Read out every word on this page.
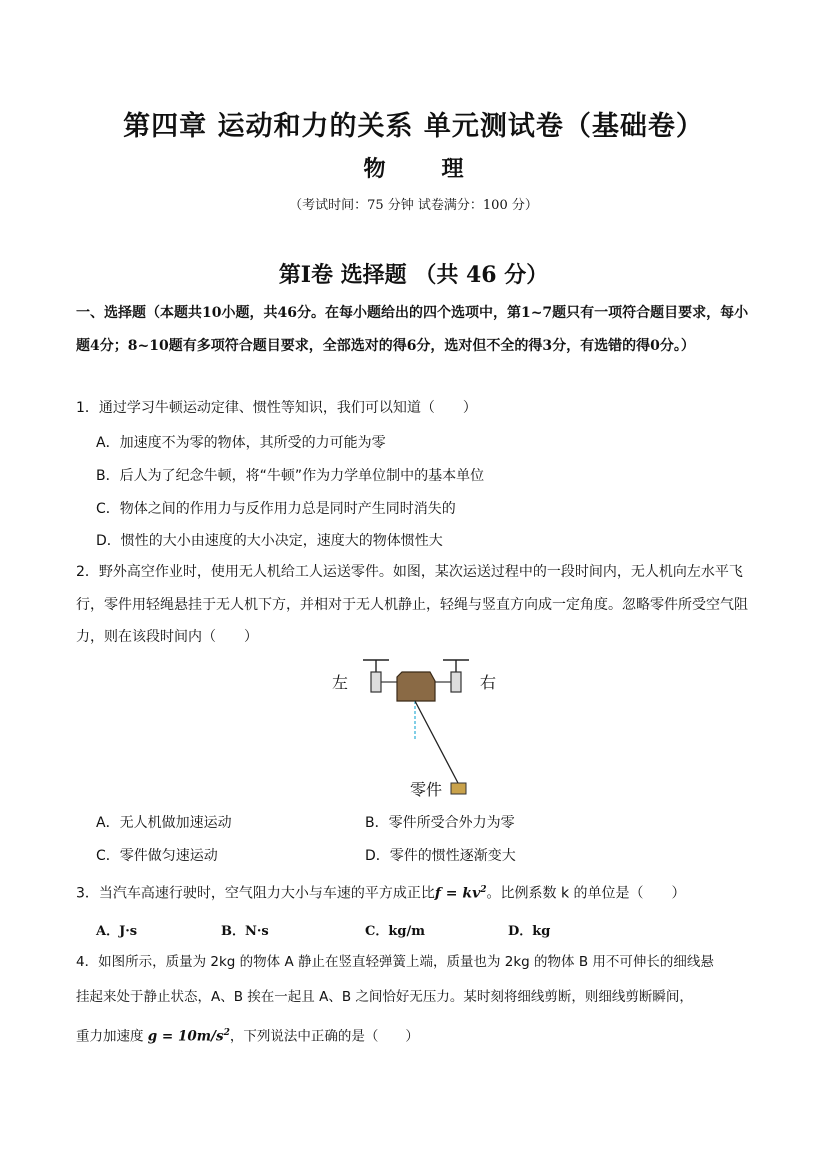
第四章 运动和力的关系 单元测试卷（基础卷）
物	理
（考试时间：75 分钟 试卷满分：100 分）
第Ⅰ卷 选择题 （共 46 分）
一、选择题（本题共10小题，共46分。在每小题给出的四个选项中，第1~7题只有一项符合题目要求，每小题4分；8~10题有多项符合题目要求，全部选对的得6分，选对但不全的得3分，有选错的得0分。）
1．通过学习牛顿运动定律、惯性等知识，我们可以知道（　　）
A．加速度不为零的物体，其所受的力可能为零
B．后人为了纪念牛顿，将“牛顿”作为力学单位制中的基本单位
C．物体之间的作用力与反作用力总是同时产生同时消失的
D．惯性的大小由速度的大小决定，速度大的物体惯性大
2．野外高空作业时，使用无人机给工人运送零件。如图，某次运送过程中的一段时间内，无人机向左水平飞行，零件用轻绳悬挂于无人机下方，并相对于无人机静止，轻绳与竖直方向成一定角度。忽略零件所受空气阻力，则在该段时间内（　　）
左	右
零件
A．无人机做加速运动	B．零件所受合外力为零
C．零件做匀速运动	D．零件的惯性逐渐变大
3．当汽车高速行驶时，空气阻力大小与车速的平方成正比$f = kv^2$。比例系数 k 的单位是（　　）
A．J·s	B．N·s	C．kg/m	D．kg
4．如图所示，质量为 2kg 的物体 A 静止在竖直轻弹簧上端，质量也为 2kg 的物体 B 用不可伸长的细线悬
挂起来处于静止状态，A、B 挨在一起且 A、B 之间恰好无压力。某时刻将细线剪断，则细线剪断瞬间，
重力加速度 $g = 10m/s^2$，下列说法中正确的是（　　）
